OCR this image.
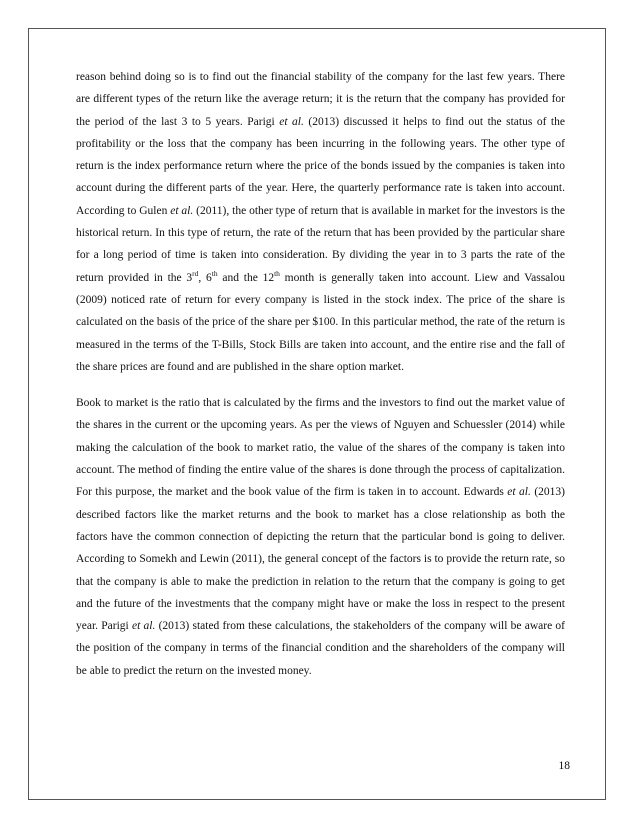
reason behind doing so is to find out the financial stability of the company for the last few years. There are different types of the return like the average return; it is the return that the company has provided for the period of the last 3 to 5 years. Parigi et al. (2013) discussed it helps to find out the status of the profitability or the loss that the company has been incurring in the following years. The other type of return is the index performance return where the price of the bonds issued by the companies is taken into account during the different parts of the year. Here, the quarterly performance rate is taken into account. According to Gulen et al. (2011), the other type of return that is available in market for the investors is the historical return. In this type of return, the rate of the return that has been provided by the particular share for a long period of time is taken into consideration. By dividing the year in to 3 parts the rate of the return provided in the 3rd, 6th and the 12th month is generally taken into account. Liew and Vassalou (2009) noticed rate of return for every company is listed in the stock index. The price of the share is calculated on the basis of the price of the share per $100. In this particular method, the rate of the return is measured in the terms of the T-Bills, Stock Bills are taken into account, and the entire rise and the fall of the share prices are found and are published in the share option market.

Book to market is the ratio that is calculated by the firms and the investors to find out the market value of the shares in the current or the upcoming years. As per the views of Nguyen and Schuessler (2014) while making the calculation of the book to market ratio, the value of the shares of the company is taken into account. The method of finding the entire value of the shares is done through the process of capitalization. For this purpose, the market and the book value of the firm is taken in to account. Edwards et al. (2013) described factors like the market returns and the book to market has a close relationship as both the factors have the common connection of depicting the return that the particular bond is going to deliver. According to Somekh and Lewin (2011), the general concept of the factors is to provide the return rate, so that the company is able to make the prediction in relation to the return that the company is going to get and the future of the investments that the company might have or make the loss in respect to the present year. Parigi et al. (2013) stated from these calculations, the stakeholders of the company will be aware of the position of the company in terms of the financial condition and the shareholders of the company will be able to predict the return on the invested money.

18
